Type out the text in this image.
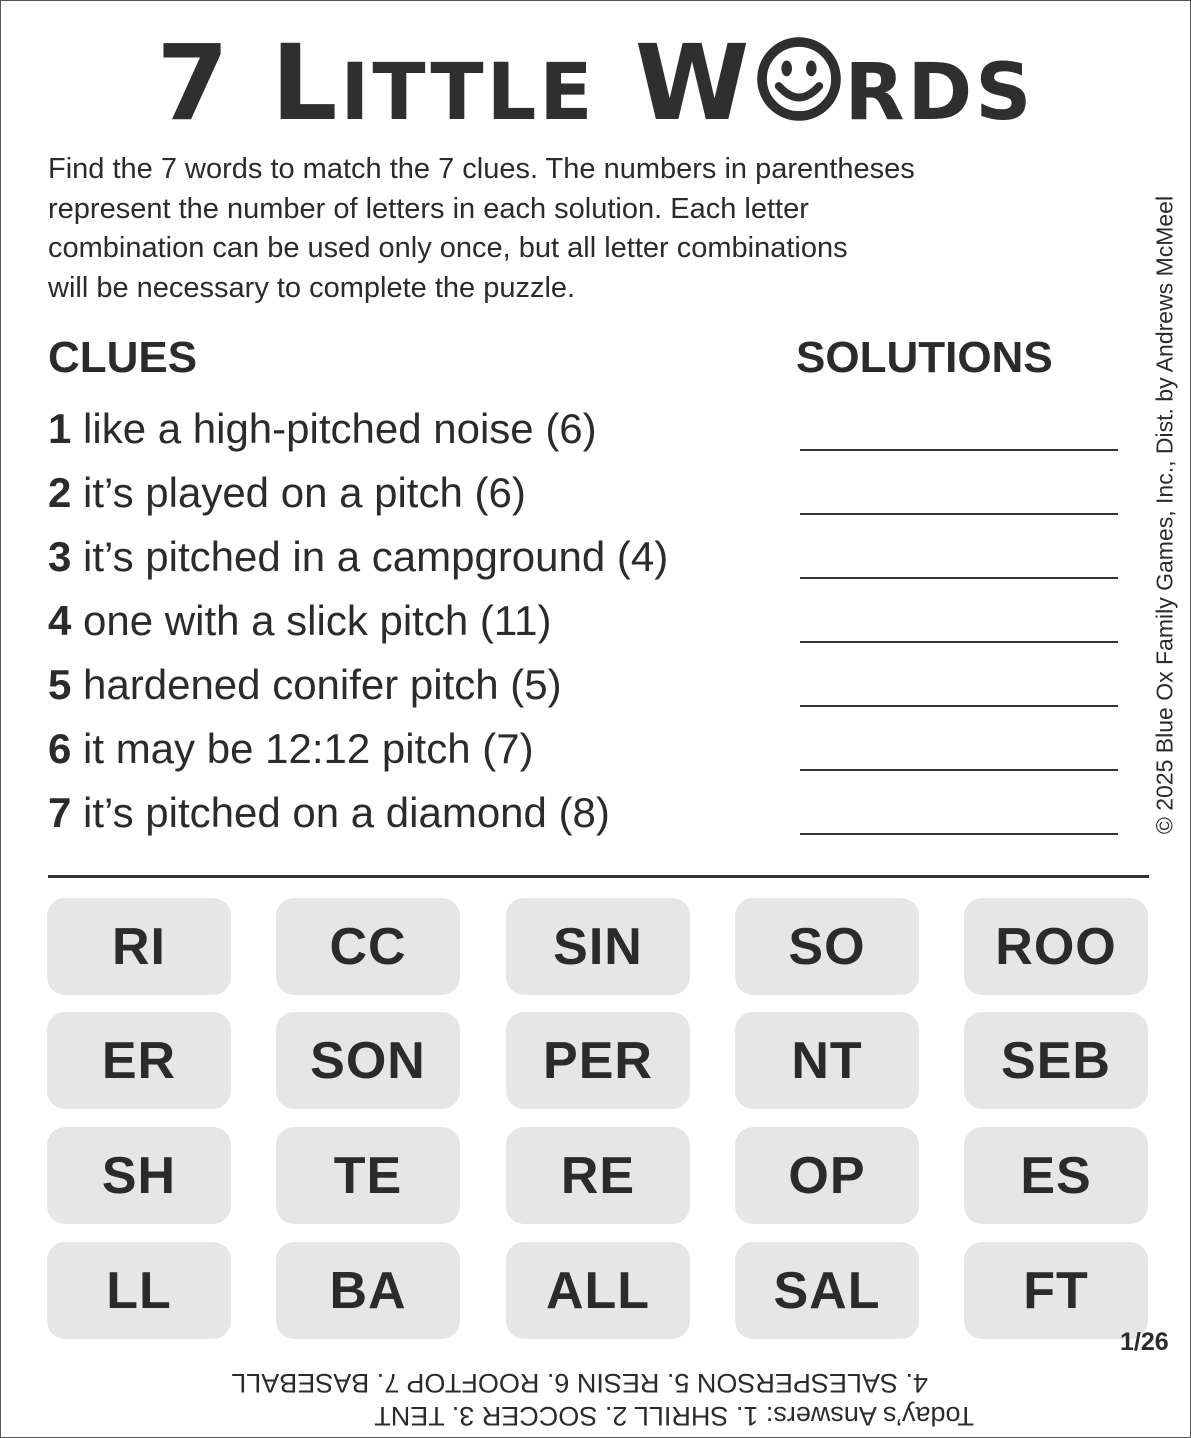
7 LITTLE W RDS
Find the 7 words to match the 7 clues. The numbers in parentheses
represent the number of letters in each solution. Each letter
combination can be used only once, but all letter combinations
will be necessary to complete the puzzle.
CLUES	SOLUTIONS
1 like a high-pitched noise (6)
2 it’s played on a pitch (6)
3 it’s pitched in a campground (4)
4 one with a slick pitch (11)
5 hardened conifer pitch (5)
6 it may be 12:12 pitch (7)
7 it’s pitched on a diamond (8)	© 2025 Blue Ox Family Games, Inc., Dist. by Andrews McMeel
RI	CC	SIN	SO	ROO
ER	SON	PER	NT	SEB
SH	TE	RE	OP	ES
LL	BA	ALL	SAL	FT
Today’s Answers: 1. SHRILL 2. SOCCER 3. TENT
4. SALESPERSON 5. RESIN 6. ROOFTOP 7. BASEBALL
1/26
